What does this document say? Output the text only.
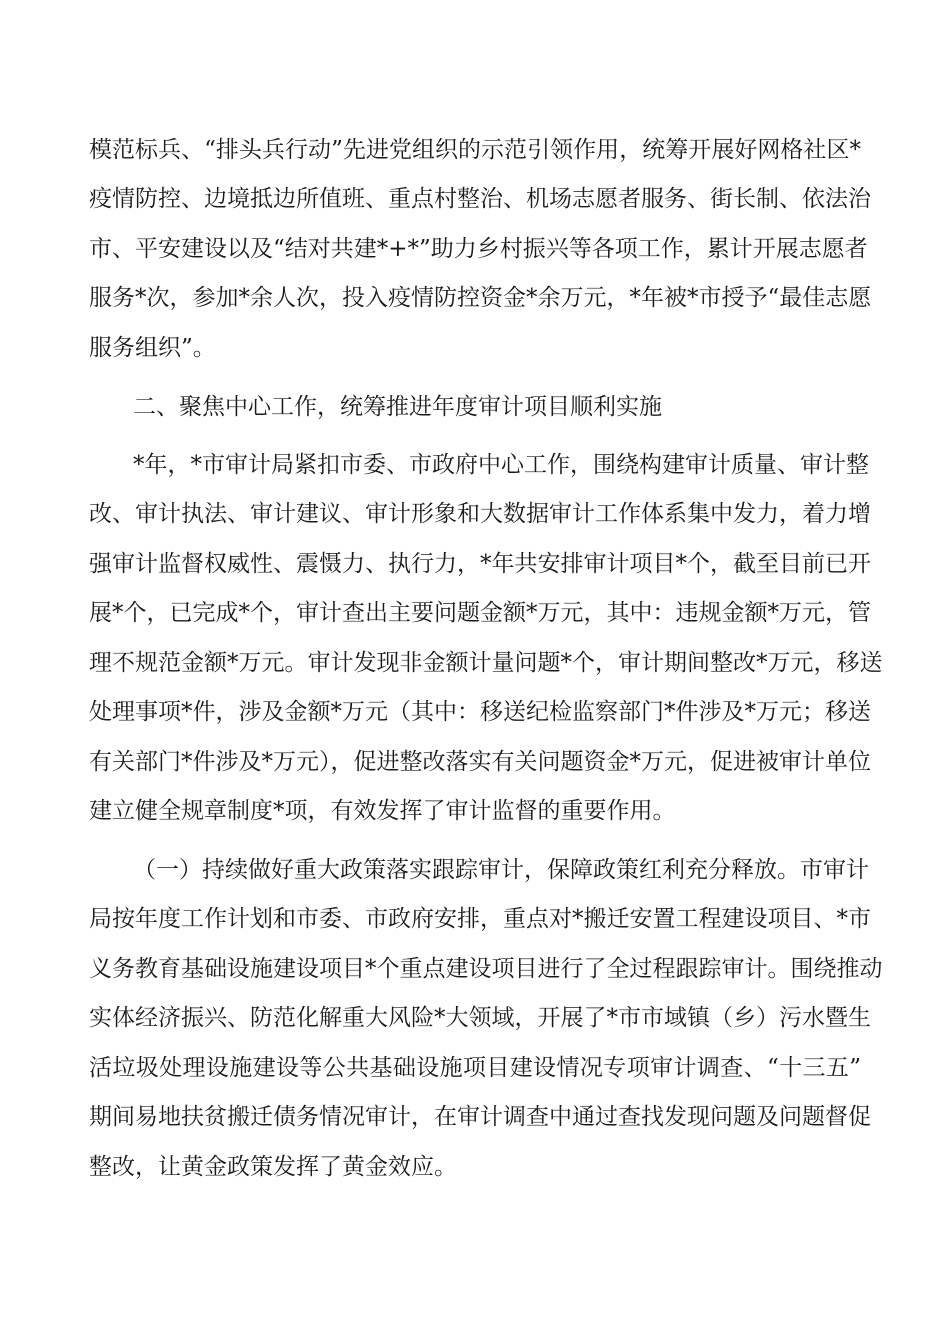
模范标兵、“排头兵行动”先进党组织的示范引领作用，统筹开展好网格社区*
疫情防控、边境抵边所值班、重点村整治、机场志愿者服务、街长制、依法治
市、平安建设以及“结对共建*+*”助力乡村振兴等各项工作，累计开展志愿者
服务*次，参加*余人次，投入疫情防控资金*余万元，*年被*市授予“最佳志愿
服务组织”。
二、聚焦中心工作，统筹推进年度审计项目顺利实施
*年，*市审计局紧扣市委、市政府中心工作，围绕构建审计质量、审计整
改、审计执法、审计建议、审计形象和大数据审计工作体系集中发力，着力增
强审计监督权威性、震慑力、执行力，*年共安排审计项目*个，截至目前已开
展*个，已完成*个，审计查出主要问题金额*万元，其中：违规金额*万元，管
理不规范金额*万元。审计发现非金额计量问题*个，审计期间整改*万元，移送
处理事项*件，涉及金额*万元（其中：移送纪检监察部门*件涉及*万元；移送
有关部门*件涉及*万元），促进整改落实有关问题资金*万元，促进被审计单位
建立健全规章制度*项，有效发挥了审计监督的重要作用。
（一）持续做好重大政策落实跟踪审计，保障政策红利充分释放。市审计
局按年度工作计划和市委、市政府安排，重点对*搬迁安置工程建设项目、*市
义务教育基础设施建设项目*个重点建设项目进行了全过程跟踪审计。围绕推动
实体经济振兴、防范化解重大风险*大领域，开展了*市市域镇（乡）污水暨生
活垃圾处理设施建设等公共基础设施项目建设情况专项审计调查、“十三五”
期间易地扶贫搬迁债务情况审计，在审计调查中通过查找发现问题及问题督促
整改，让黄金政策发挥了黄金效应。
